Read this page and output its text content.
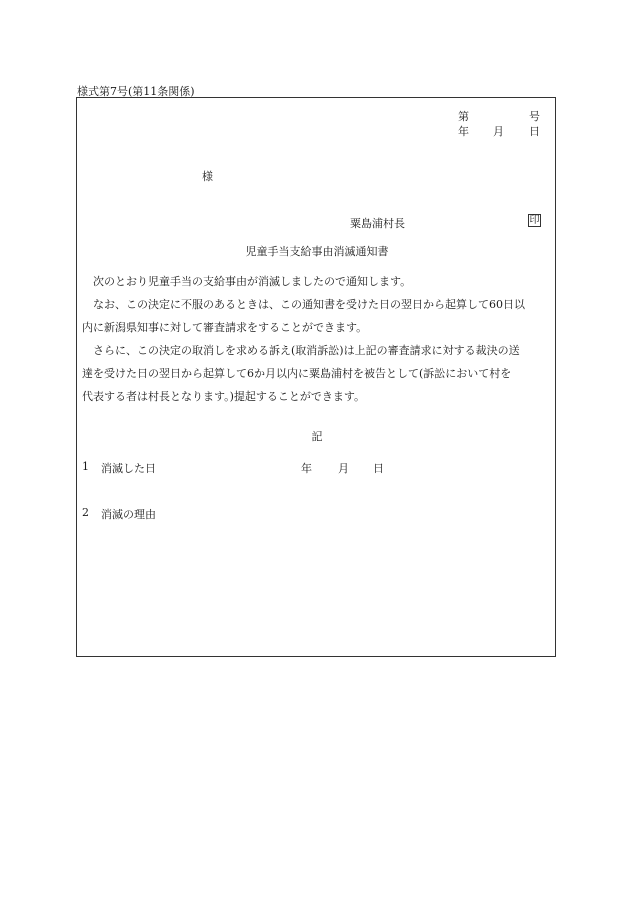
様式第7号(第11条関係)
第	号
年 月 日
様
粟島浦村長	印
児童手当支給事由消滅通知書
次のとおり児童手当の支給事由が消滅しましたので通知します。
なお、この決定に不服のあるときは、この通知書を受けた日の翌日から起算して60日以
内に新潟県知事に対して審査請求をすることができます。
さらに、この決定の取消しを求める訴え(取消訴訟)は上記の審査請求に対する裁決の送
達を受けた日の翌日から起算して6か月以内に粟島浦村を被告として(訴訟において村を
代表する者は村長となります。)提起することができます。
記
1 消滅した日	年 月 日
2 消滅の理由
